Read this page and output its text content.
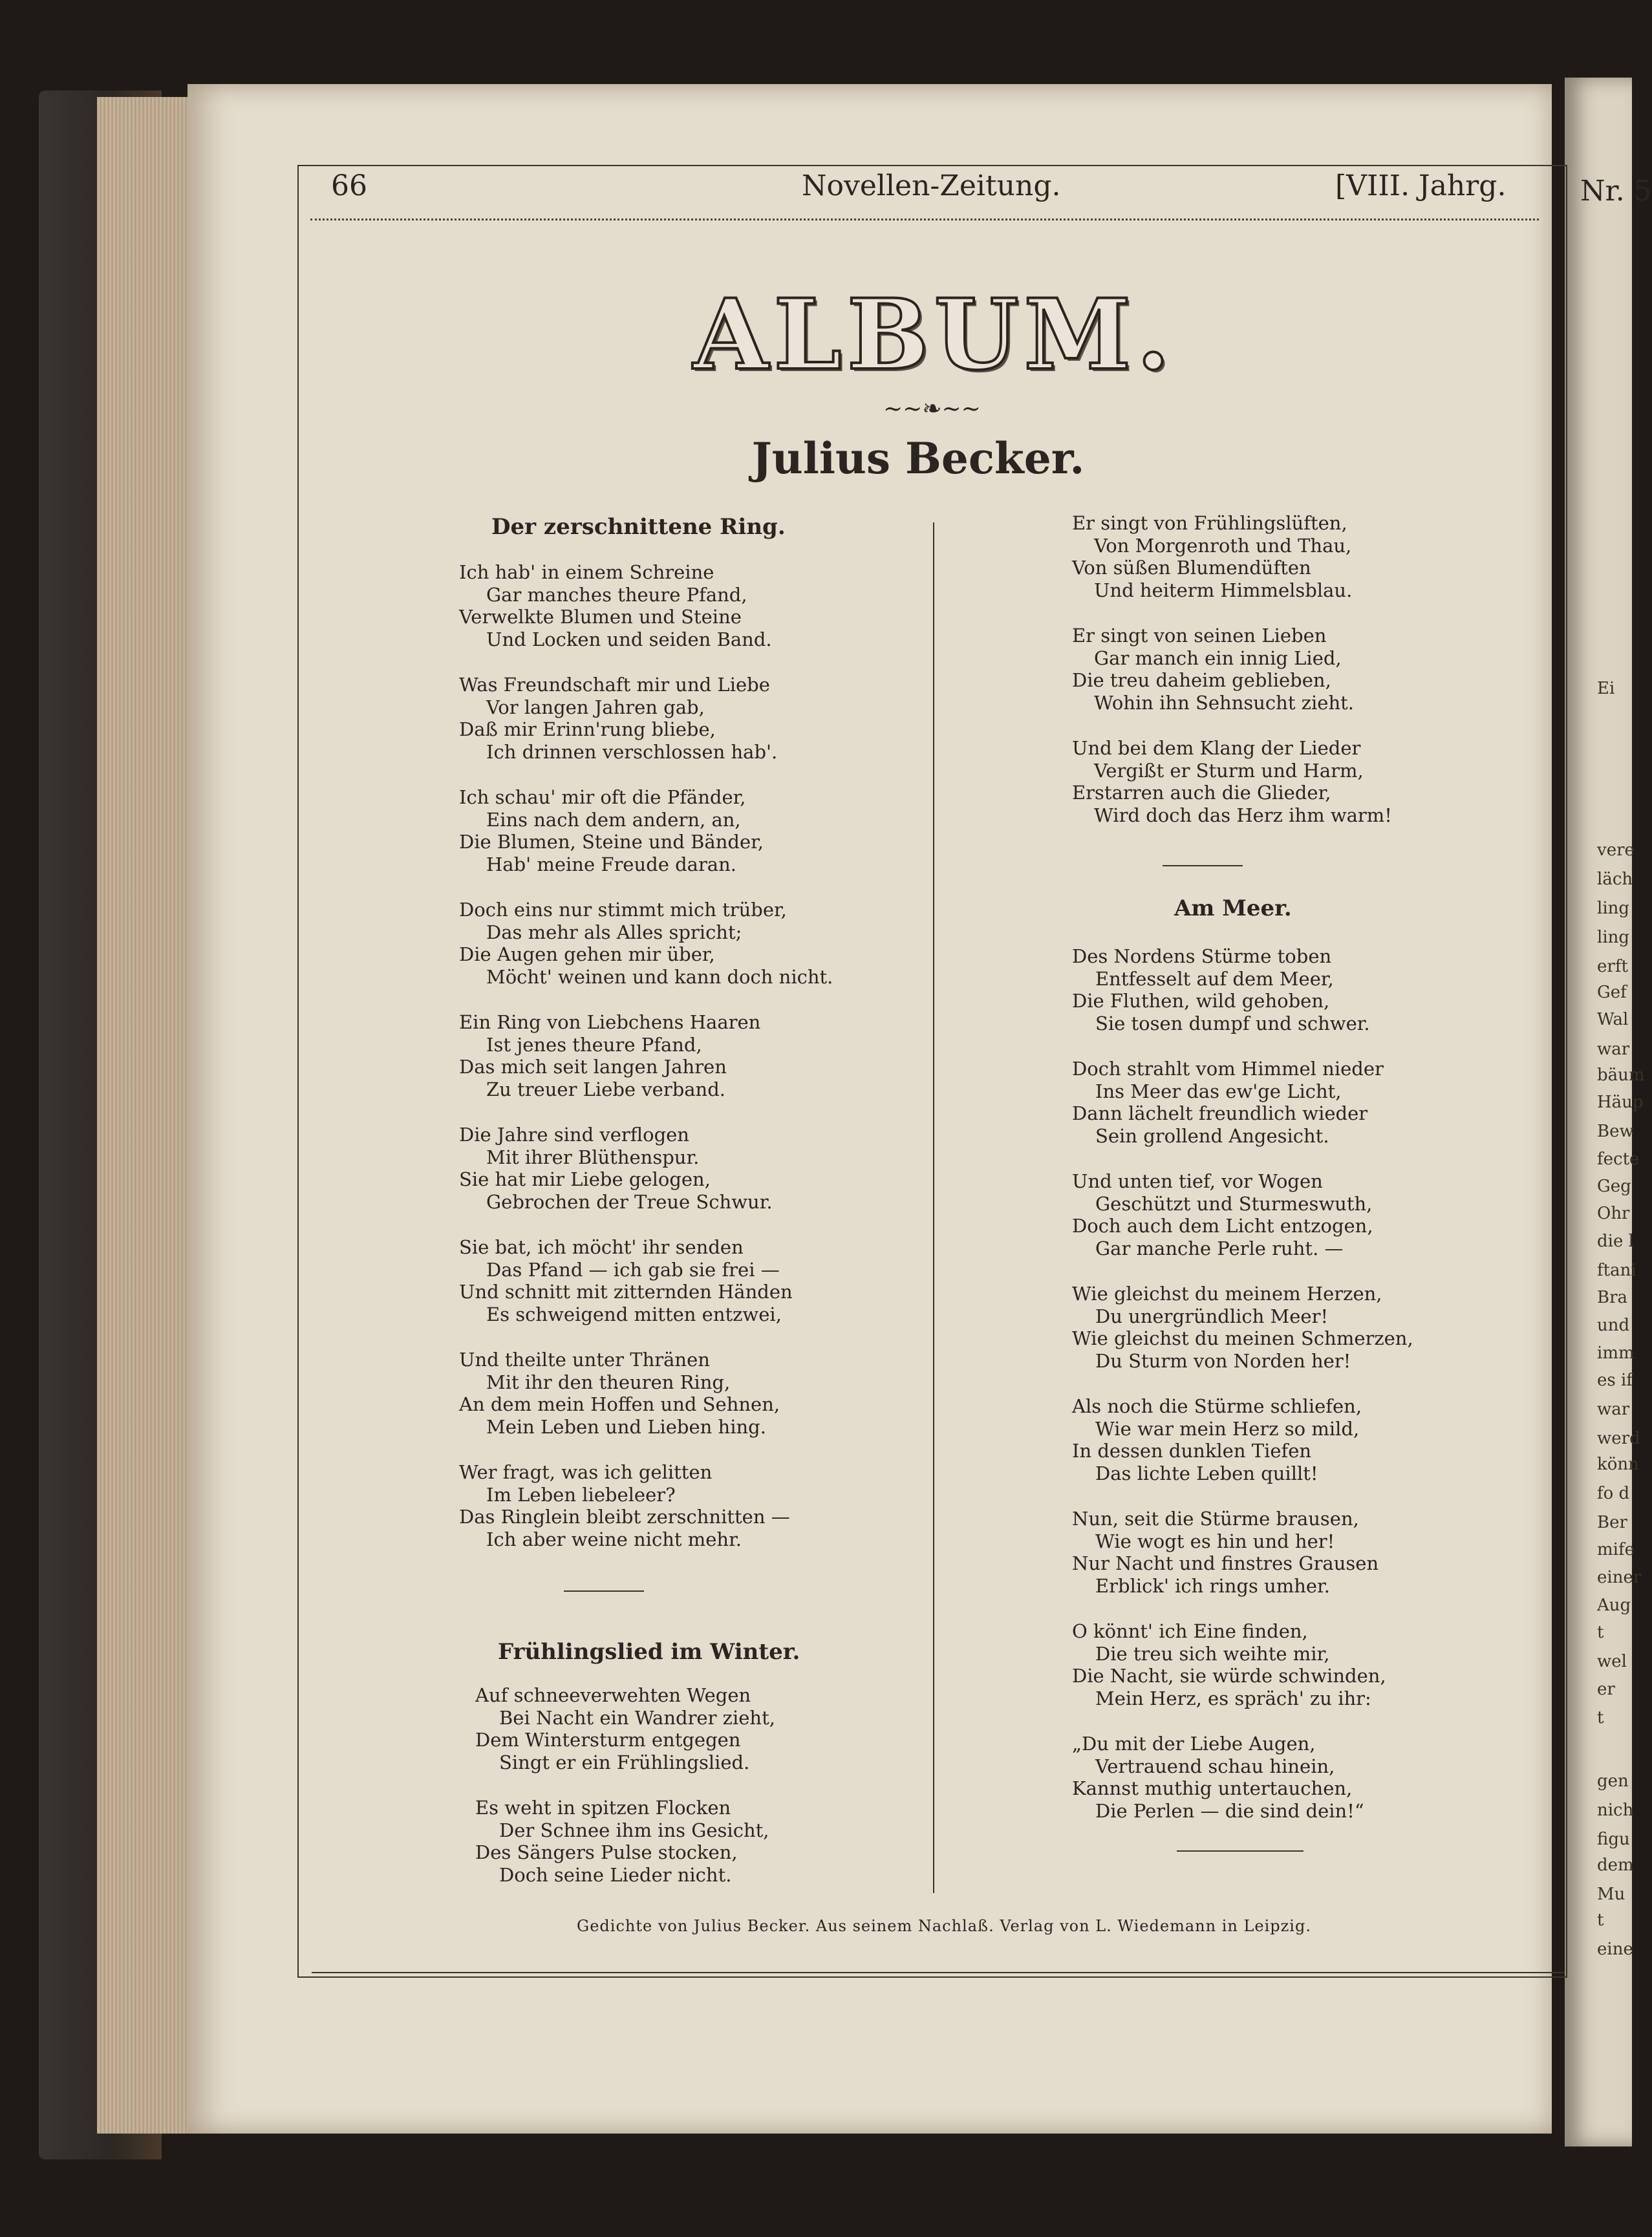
Nr. 5
Ei
vere
läch
ling
ling
erft
Gef
Wal
war
bäum
Häup
Bew
fecte
Geg
Ohr
die l
ftani
Bra
und
imm
es if
war
werd
könn
fo d
Ber
mife
einer
Aug
t
wel
er
t
gen
nich
figu
dem
Mu
t
eine
66	Novellen-Zeitung.	[VIII. Jahrg.
ALBUM.
~~❧~~
Julius Becker.
Der zerschnittene Ring.
Ich hab' in einem Schreine
Gar manches theure Pfand,
Verwelkte Blumen und Steine
Und Locken und seiden Band.
Was Freundschaft mir und Liebe
Vor langen Jahren gab,
Daß mir Erinn'rung bliebe,
Ich drinnen verschlossen hab'.
Ich schau' mir oft die Pfänder,
Eins nach dem andern, an,
Die Blumen, Steine und Bänder,
Hab' meine Freude daran.
Doch eins nur stimmt mich trüber,
Das mehr als Alles spricht;
Die Augen gehen mir über,
Möcht' weinen und kann doch nicht.
Ein Ring von Liebchens Haaren
Ist jenes theure Pfand,
Das mich seit langen Jahren
Zu treuer Liebe verband.
Die Jahre sind verflogen
Mit ihrer Blüthenspur.
Sie hat mir Liebe gelogen,
Gebrochen der Treue Schwur.
Sie bat, ich möcht' ihr senden
Das Pfand — ich gab sie frei —
Und schnitt mit zitternden Händen
Es schweigend mitten entzwei,
Und theilte unter Thränen
Mit ihr den theuren Ring,
An dem mein Hoffen und Sehnen,
Mein Leben und Lieben hing.
Wer fragt, was ich gelitten
Im Leben liebeleer?
Das Ringlein bleibt zerschnitten —
Ich aber weine nicht mehr.
Frühlingslied im Winter.
Auf schneeverwehten Wegen
Bei Nacht ein Wandrer zieht,
Dem Wintersturm entgegen
Singt er ein Frühlingslied.
Es weht in spitzen Flocken
Der Schnee ihm ins Gesicht,
Des Sängers Pulse stocken,
Doch seine Lieder nicht.
Er singt von Frühlingslüften,
Von Morgenroth und Thau,
Von süßen Blumendüften
Und heiterm Himmelsblau.
Er singt von seinen Lieben
Gar manch ein innig Lied,
Die treu daheim geblieben,
Wohin ihn Sehnsucht zieht.
Und bei dem Klang der Lieder
Vergißt er Sturm und Harm,
Erstarren auch die Glieder,
Wird doch das Herz ihm warm!
Am Meer.
Des Nordens Stürme toben
Entfesselt auf dem Meer,
Die Fluthen, wild gehoben,
Sie tosen dumpf und schwer.
Doch strahlt vom Himmel nieder
Ins Meer das ew'ge Licht,
Dann lächelt freundlich wieder
Sein grollend Angesicht.
Und unten tief, vor Wogen
Geschützt und Sturmeswuth,
Doch auch dem Licht entzogen,
Gar manche Perle ruht. —
Wie gleichst du meinem Herzen,
Du unergründlich Meer!
Wie gleichst du meinen Schmerzen,
Du Sturm von Norden her!
Als noch die Stürme schliefen,
Wie war mein Herz so mild,
In dessen dunklen Tiefen
Das lichte Leben quillt!
Nun, seit die Stürme brausen,
Wie wogt es hin und her!
Nur Nacht und finstres Grausen
Erblick' ich rings umher.
O könnt' ich Eine finden,
Die treu sich weihte mir,
Die Nacht, sie würde schwinden,
Mein Herz, es spräch' zu ihr:
„Du mit der Liebe Augen,
Vertrauend schau hinein,
Kannst muthig untertauchen,
Die Perlen — die sind dein!“
Gedichte von Julius Becker. Aus seinem Nachlaß. Verlag von L. Wiedemann in Leipzig.
